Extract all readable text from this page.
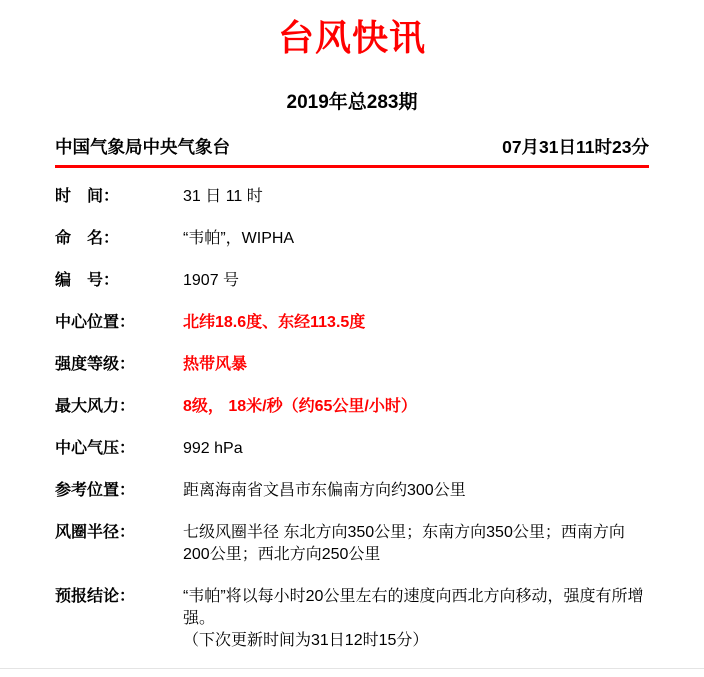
台风快讯
2019年总283期
中国气象局中央气象台	07月31日11时23分
时　间：	31 日 11 时
命　名：	“韦帕”，WIPHA
编　号：	1907 号
中心位置：	北纬18.6度、东经113.5度
强度等级：	热带风暴
最大风力：	8级， 18米/秒（约65公里/小时）
中心气压：	992 hPa
参考位置：	距离海南省文昌市东偏南方向约300公里
风圈半径：	七级风圈半径 东北方向350公里；东南方向350公里；西南方向200公里；西北方向250公里
预报结论：	“韦帕”将以每小时20公里左右的速度向西北方向移动，强度有所增强。
（下次更新时间为31日12时15分）
